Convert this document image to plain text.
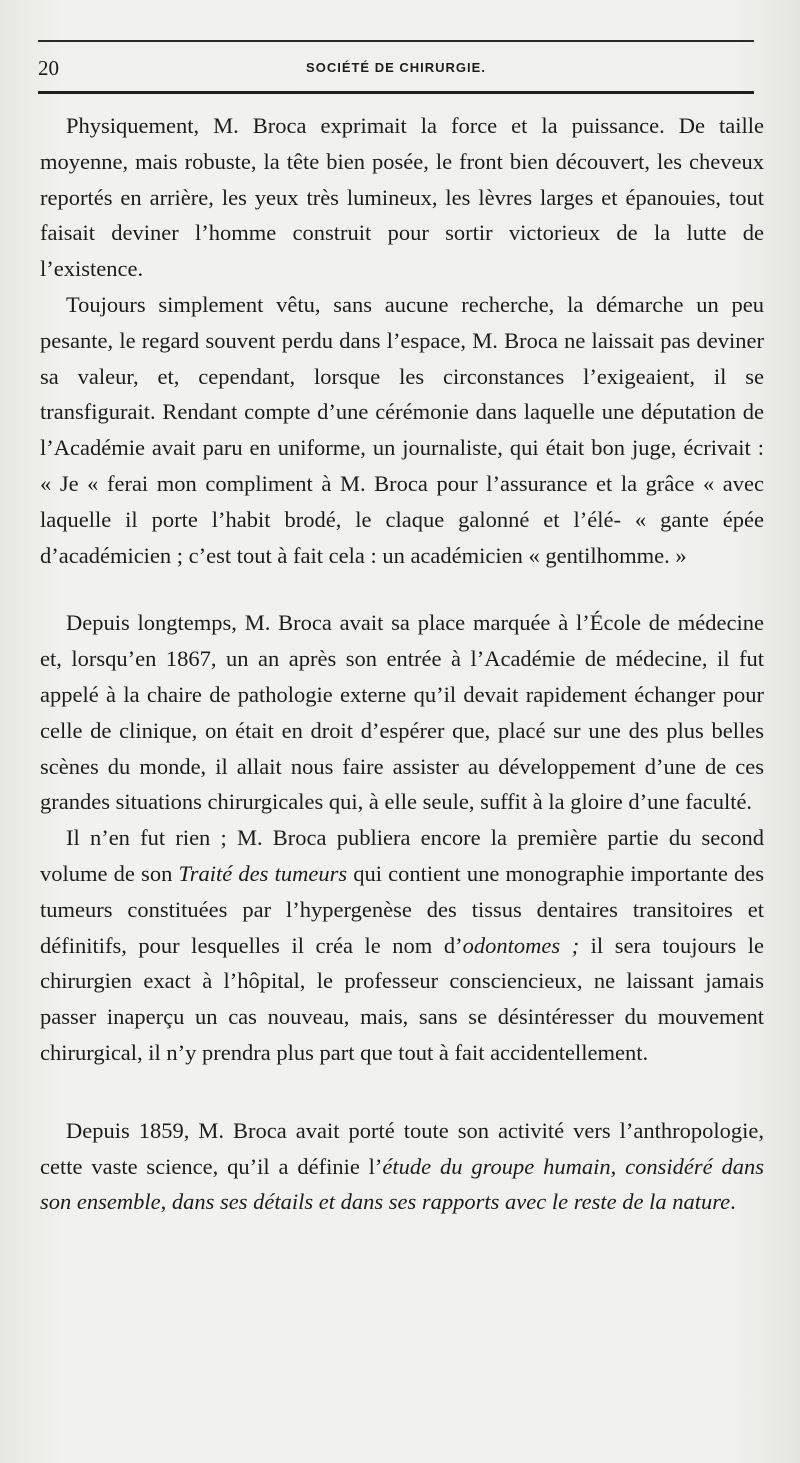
20	SOCIÉTÉ DE CHIRURGIE.

Physiquement, M. Broca exprimait la force et la puissance. De taille moyenne, mais robuste, la tête bien posée, le front bien découvert, les cheveux reportés en arrière, les yeux très lumineux, les lèvres larges et épanouies, tout faisait deviner l’homme construit pour sortir victorieux de la lutte de l’existence.

Toujours simplement vêtu, sans aucune recherche, la démarche un peu pesante, le regard souvent perdu dans l’espace, M. Broca ne laissait pas deviner sa valeur, et, cependant, lorsque les circonstances l’exigeaient, il se transfigurait. Rendant compte d’une cérémonie dans laquelle une députation de l’Académie avait paru en uniforme, un journaliste, qui était bon juge, écrivait : « Je « ferai mon compliment à M. Broca pour l’assurance et la grâce « avec laquelle il porte l’habit brodé, le claque galonné et l’élé- « gante épée d’académicien ; c’est tout à fait cela : un académicien « gentilhomme. »

Depuis longtemps, M. Broca avait sa place marquée à l’École de médecine et, lorsqu’en 1867, un an après son entrée à l’Académie de médecine, il fut appelé à la chaire de pathologie externe qu’il devait rapidement échanger pour celle de clinique, on était en droit d’espérer que, placé sur une des plus belles scènes du monde, il allait nous faire assister au développement d’une de ces grandes situations chirurgicales qui, à elle seule, suffit à la gloire d’une faculté.

Il n’en fut rien ; M. Broca publiera encore la première partie du second volume de son Traité des tumeurs qui contient une monographie importante des tumeurs constituées par l’hypergenèse des tissus dentaires transitoires et définitifs, pour lesquelles il créa le nom d’odontomes ; il sera toujours le chirurgien exact à l’hôpital, le professeur consciencieux, ne laissant jamais passer inaperçu un cas nouveau, mais, sans se désintéresser du mouvement chirurgical, il n’y prendra plus part que tout à fait accidentellement.

Depuis 1859, M. Broca avait porté toute son activité vers l’anthropologie, cette vaste science, qu’il a définie l’étude du groupe humain, considéré dans son ensemble, dans ses détails et dans ses rapports avec le reste de la nature.
